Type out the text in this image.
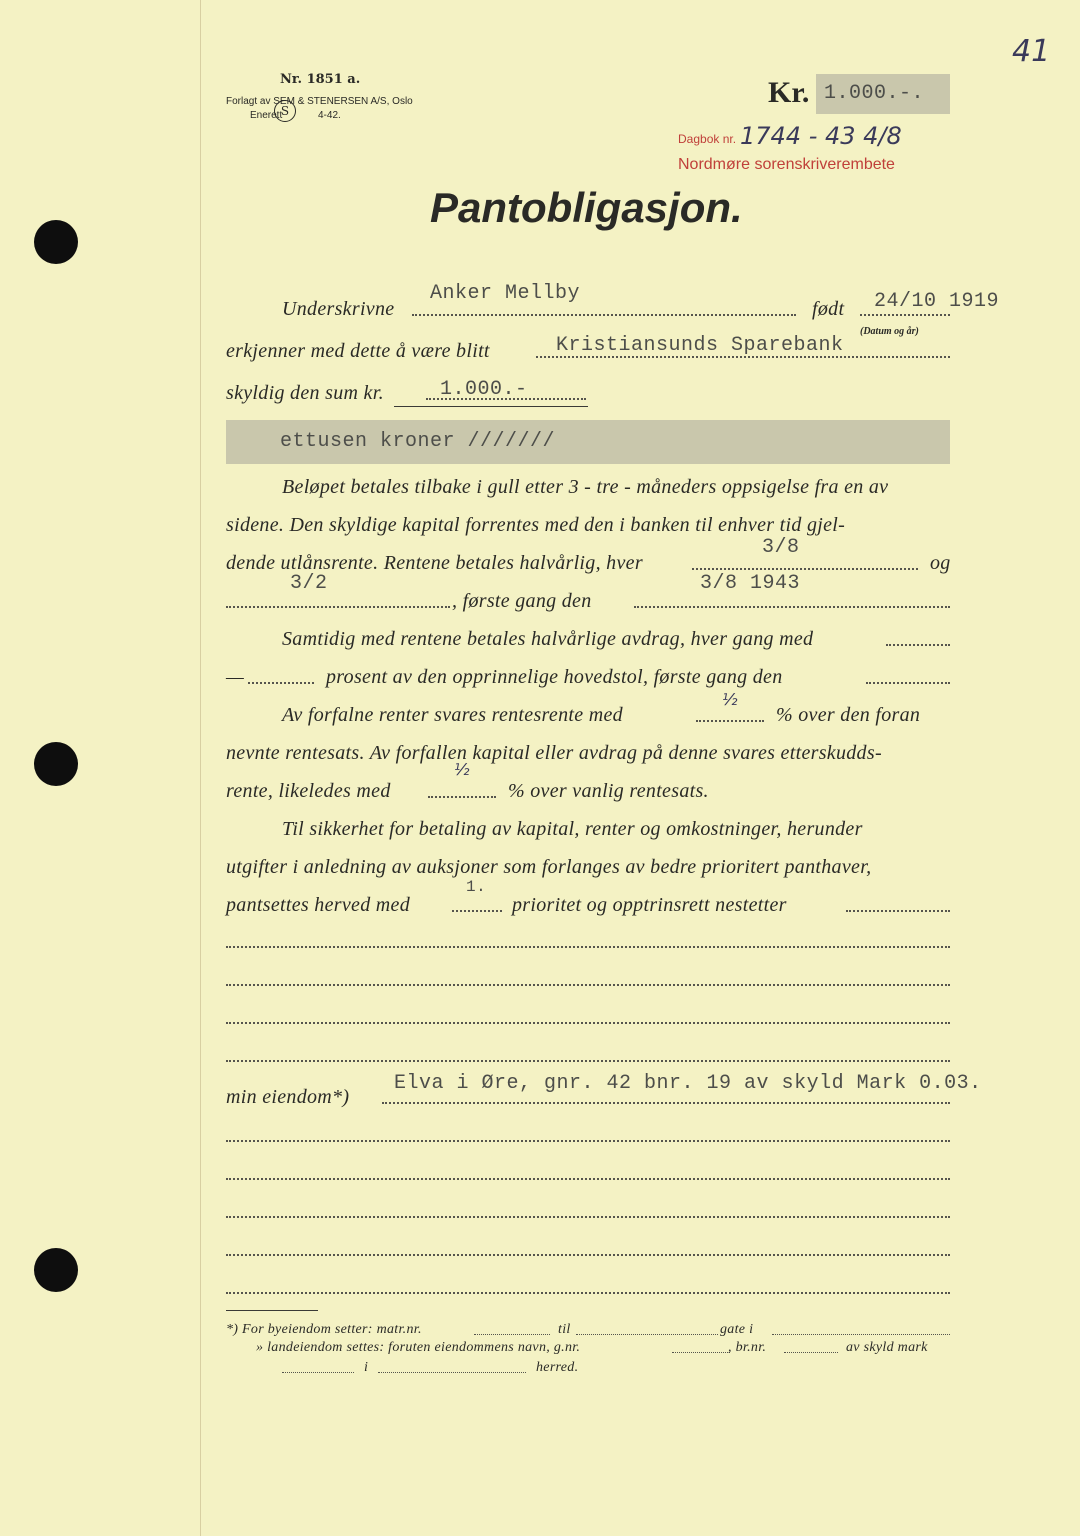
41
Nr. 1851 a.
Forlagt av SEM & STENERSEN A/S, Oslo
Enerett
S	4-42.
Kr. 1.000.-.
Dagbok nr. 1744 - 43 4/8
Nordmøre sorenskriverembete
Pantobligasjon.
Underskrivne
Anker Mellby
født 24/10 1919
(Datum og år)
erkjenner med dette å være blitt	Kristiansunds Sparebank
skyldig den sum kr.	1.000.-
ettusen kroner ///////
Beløpet betales tilbake i gull etter 3 - tre - måneders oppsigelse fra en av
sidene. Den skyldige kapital forrentes med den i banken til enhver tid gjel-
dende utlånsrente. Rentene betales halvårlig, hver
3/8
og
3/2
, første gang den
3/8 1943
Samtidig med rentene betales halvårlige avdrag, hver gang med
—	prosent av den opprinnelige hovedstol, første gang den
Av forfalne renter svares rentesrente med
½
% over den foran
nevnte rentesats. Av forfallen kapital eller avdrag på denne svares etterskudds-
rente, likeledes med
½
% over vanlig rentesats.
Til sikkerhet for betaling av kapital, renter og omkostninger, herunder
utgifter i anledning av auksjoner som forlanges av bedre prioritert panthaver,
pantsettes herved med
1.
prioritet og opptrinsrett nestetter
min eiendom*)
Elva i Øre, gnr. 42 bnr. 19 av skyld Mark 0.03.
*) For byeiendom setter: matr.nr.	til	gate i
» landeiendom settes: foruten eiendommens navn, g.nr.	, br.nr.	av skyld mark
i	herred.
